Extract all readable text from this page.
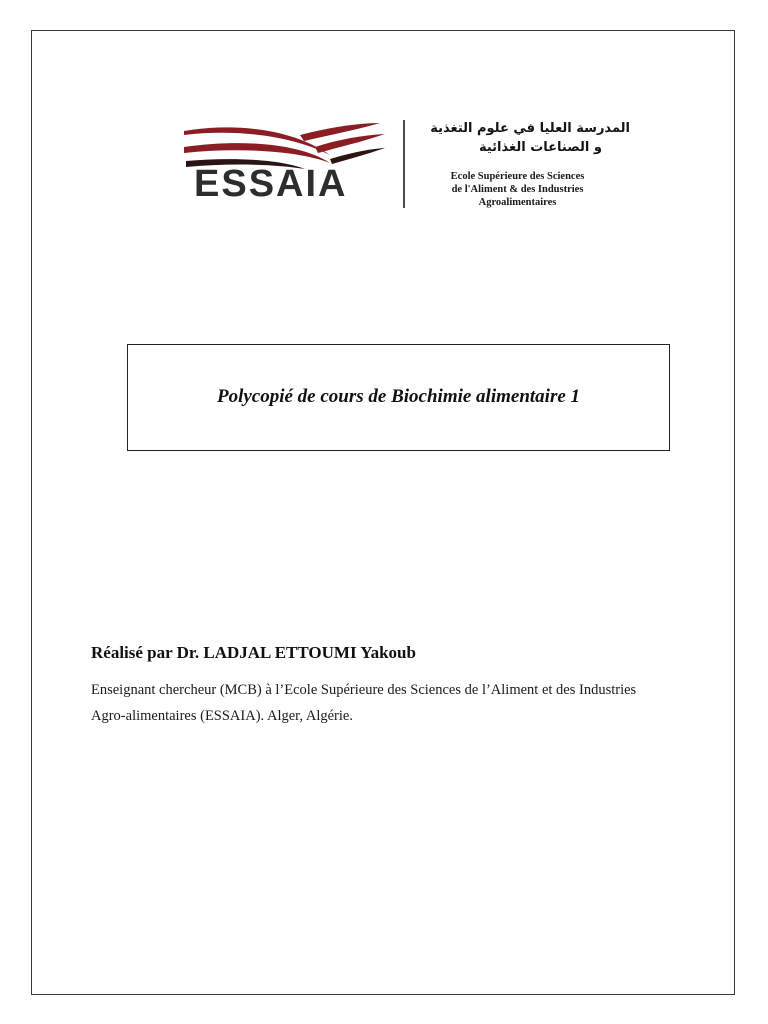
ESSAIA
المدرسة العليا في علوم التغذية
و الصناعات الغذائية
Ecole Supérieure des Sciences
de l'Aliment & des Industries
Agroalimentaires
Polycopié de cours de Biochimie alimentaire 1
Réalisé par Dr. LADJAL ETTOUMI Yakoub
Enseignant chercheur (MCB) à l’Ecole Supérieure des Sciences de l’Aliment et des Industries
Agro-alimentaires (ESSAIA). Alger, Algérie.
